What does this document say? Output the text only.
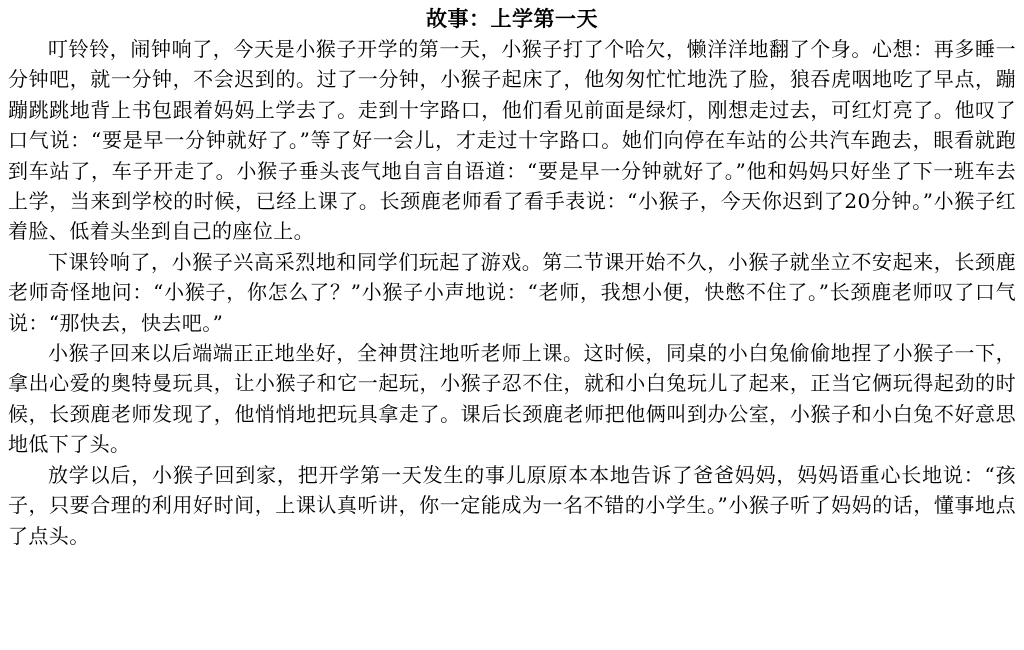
故事：上学第一天

叮铃铃，闹钟响了，今天是小猴子开学的第一天，小猴子打了个哈欠，懒洋洋地翻了个身。心想：再多睡一分钟吧，就一分钟，不会迟到的。过了一分钟，小猴子起床了，他匆匆忙忙地洗了脸，狼吞虎咽地吃了早点，蹦蹦跳跳地背上书包跟着妈妈上学去了。走到十字路口，他们看见前面是绿灯，刚想走过去，可红灯亮了。他叹了口气说：“要是早一分钟就好了。”等了好一会儿，才走过十字路口。她们向停在车站的公共汽车跑去，眼看就跑到车站了，车子开走了。小猴子垂头丧气地自言自语道：“要是早一分钟就好了。”他和妈妈只好坐了下一班车去上学，当来到学校的时候，已经上课了。长颈鹿老师看了看手表说：“小猴子，今天你迟到了20分钟。”小猴子红着脸、低着头坐到自己的座位上。

下课铃响了，小猴子兴高采烈地和同学们玩起了游戏。第二节课开始不久，小猴子就坐立不安起来，长颈鹿老师奇怪地问：“小猴子，你怎么了？”小猴子小声地说：“老师，我想小便，快憋不住了。”长颈鹿老师叹了口气说：“那快去，快去吧。”

小猴子回来以后端端正正地坐好，全神贯注地听老师上课。这时候，同桌的小白兔偷偷地捏了小猴子一下，拿出心爱的奥特曼玩具，让小猴子和它一起玩，小猴子忍不住，就和小白兔玩儿了起来，正当它俩玩得起劲的时候，长颈鹿老师发现了，他悄悄地把玩具拿走了。课后长颈鹿老师把他俩叫到办公室，小猴子和小白兔不好意思地低下了头。

放学以后，小猴子回到家，把开学第一天发生的事儿原原本本地告诉了爸爸妈妈，妈妈语重心长地说：“孩子，只要合理的利用好时间，上课认真听讲，你一定能成为一名不错的小学生。”小猴子听了妈妈的话，懂事地点了点头。
